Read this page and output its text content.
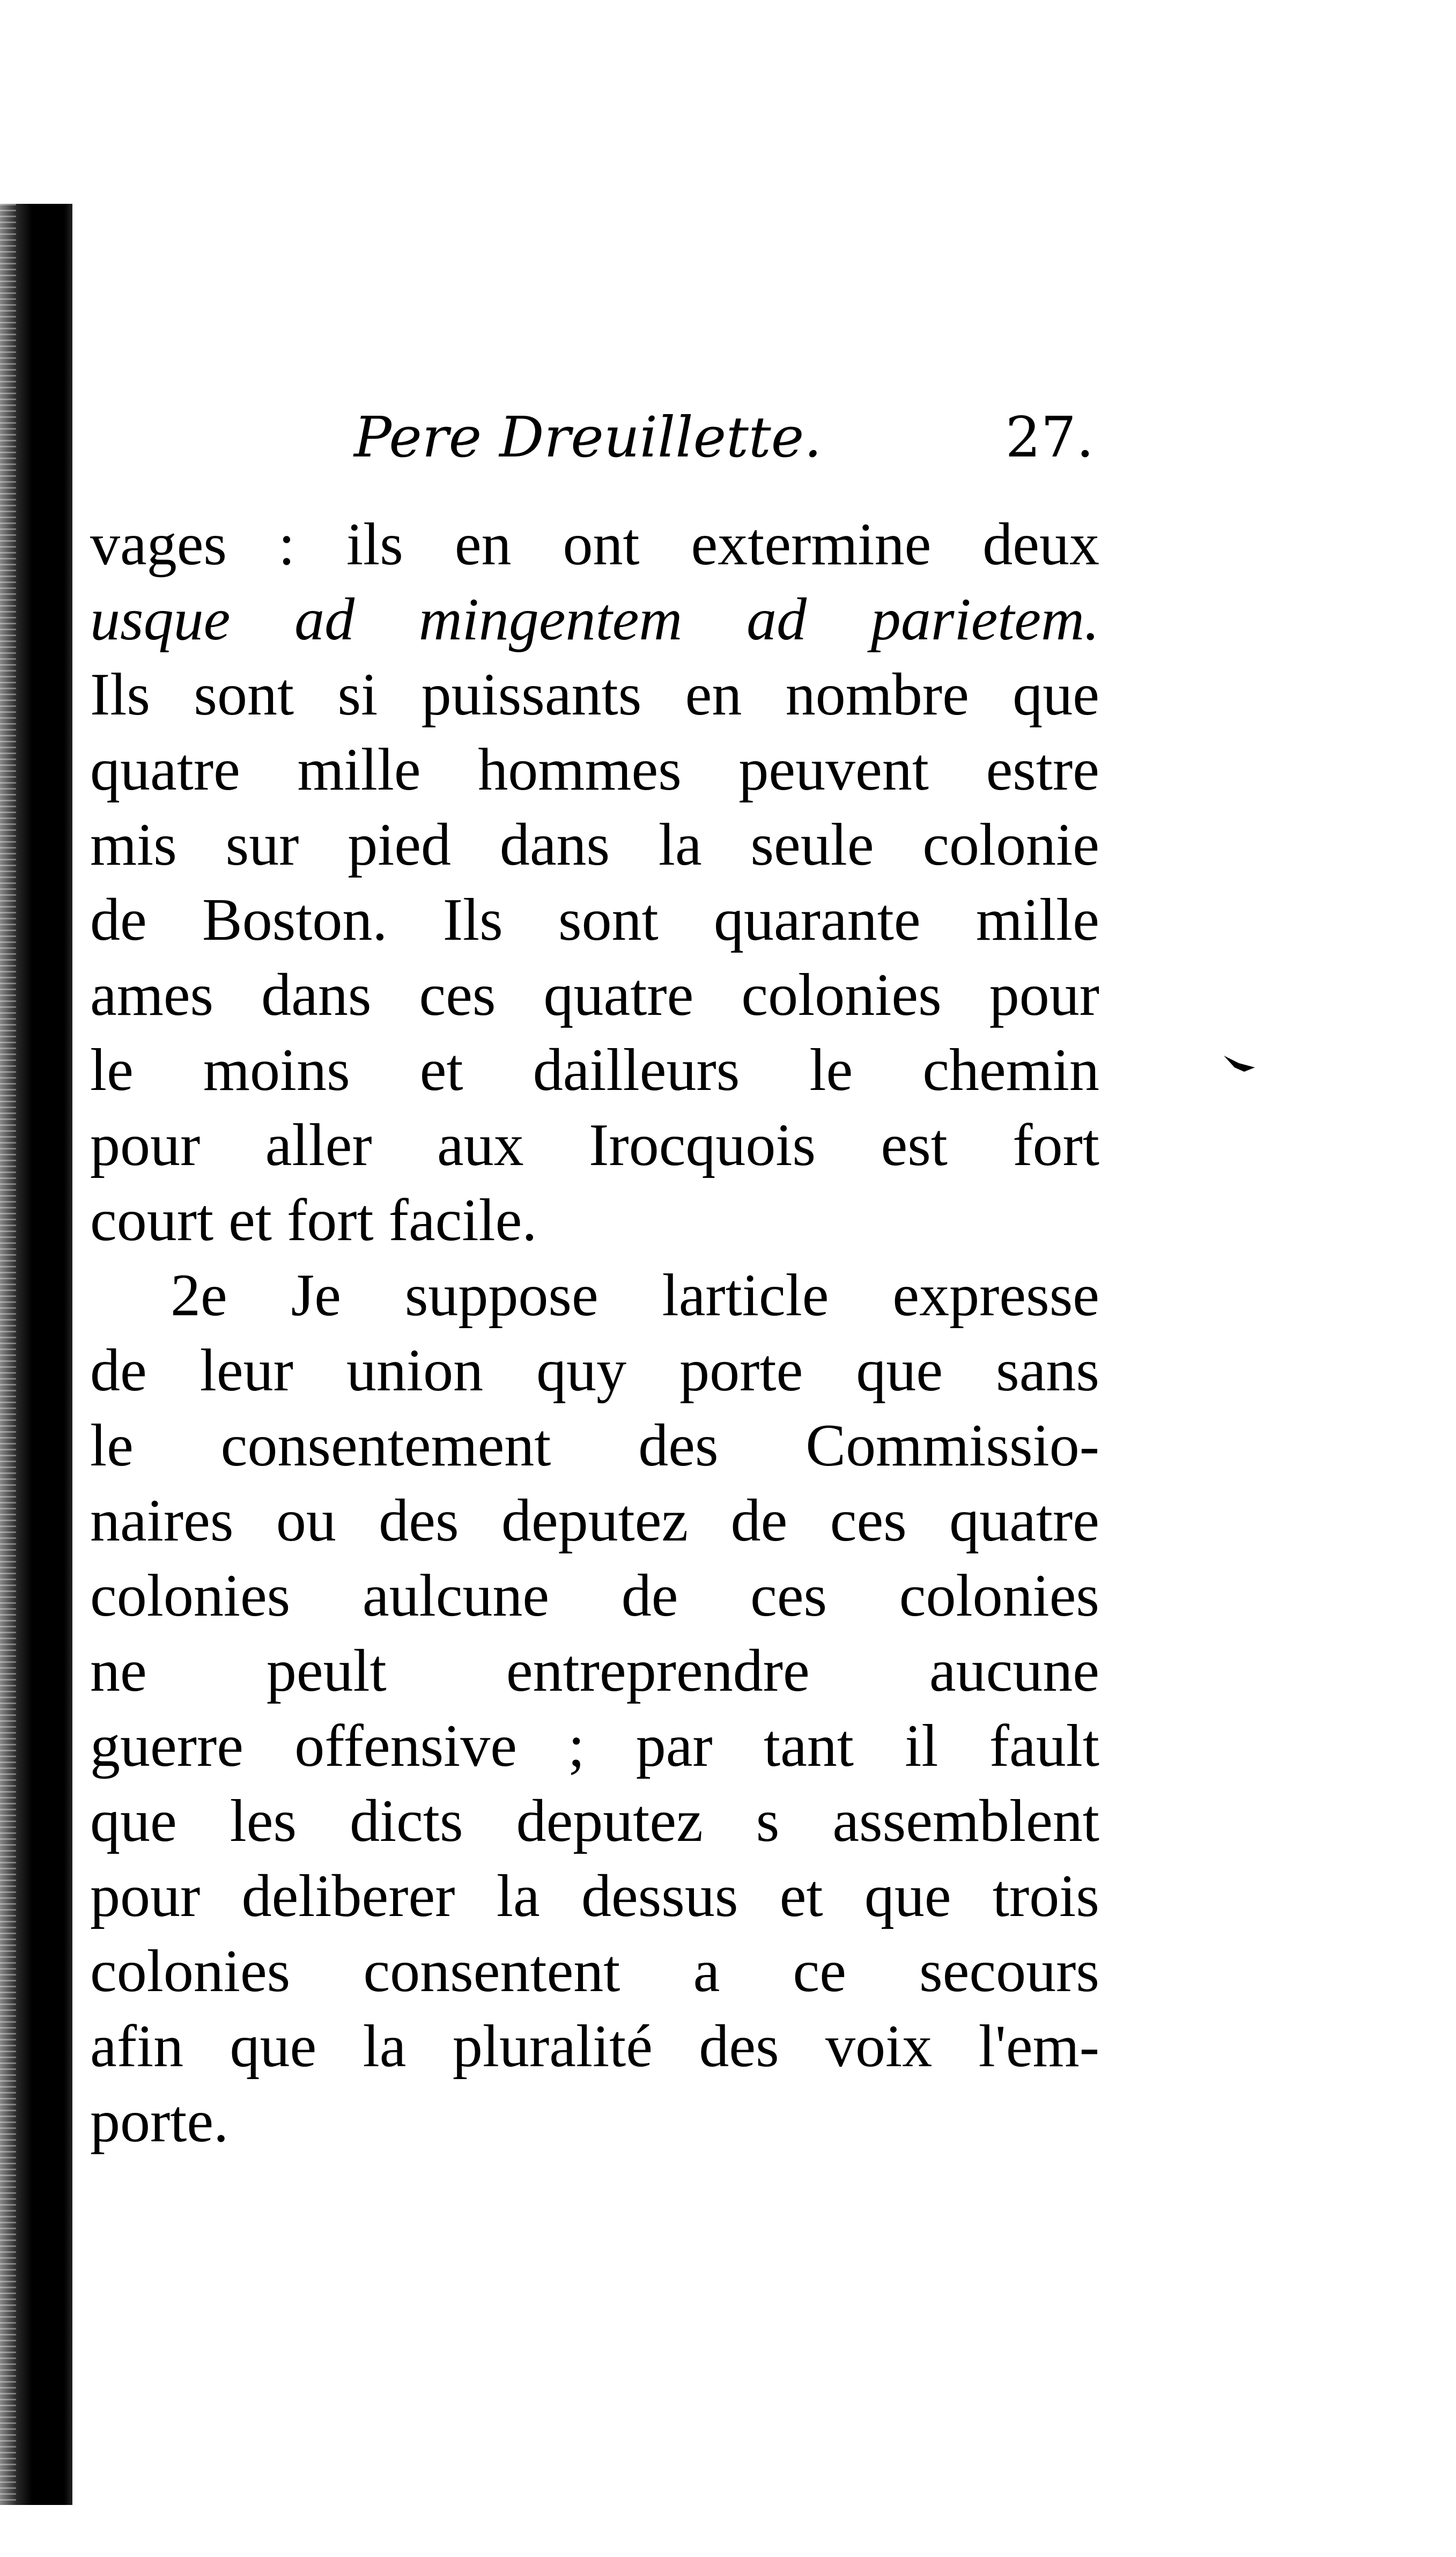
Pere Dreuillette.	27.
vages : ils en ont extermine deux
usque ad mingentem ad parietem.
Ils sont si puissants en nombre que
quatre mille hommes peuvent estre
mis sur pied dans la seule colonie
de Boston. Ils sont quarante mille
ames dans ces quatre colonies pour
le moins et dailleurs le chemin
pour aller aux Irocquois est fort
court et fort facile.
2e Je suppose larticle expresse
de leur union quy porte que sans
le consentement des Commissio-
naires ou des deputez de ces quatre
colonies aulcune de ces colonies
ne peult entreprendre aucune
guerre offensive ; par tant il fault
que les dicts deputez s assemblent
pour deliberer la dessus et que trois
colonies consentent a ce secours
afin que la pluralité des voix l'em-
porte.
